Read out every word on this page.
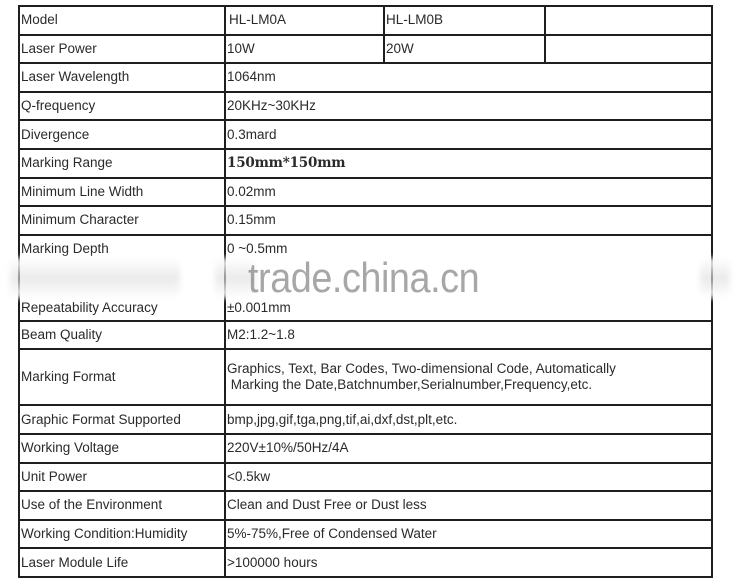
Model	HL-LM0A	HL-LM0B	
Laser Power	10W	20W	
Laser Wavelength	1064nm		
Q-frequency	20KHz~30KHz		
Divergence	0.3mard		
Marking Range	150mm*150mm		
Minimum Line Width	0.02mm		
Minimum Character	0.15mm		
Marking Depth	0 ~0.5mm		
Repeatability Accuracy	±0.001mm		
Beam Quality	M2:1.2~1.8		
Marking Format	Graphics, Text, Bar Codes, Two-dimensional Code, Automatically
Marking the Date,Batchnumber,Serialnumber,Frequency,etc.		

Graphic Format Supported	bmp,jpg,gif,tga,png,tif,ai,dxf,dst,plt,etc.		
Working Voltage	220V±10%/50Hz/4A		
Unit Power	<0.5kw		
Use of the Environment	Clean and Dust Free or Dust less		
Working Condition:Humidity	5%-75%,Free of Condensed Water		
Laser Module Life	>100000 hours		
trade.china.cn
